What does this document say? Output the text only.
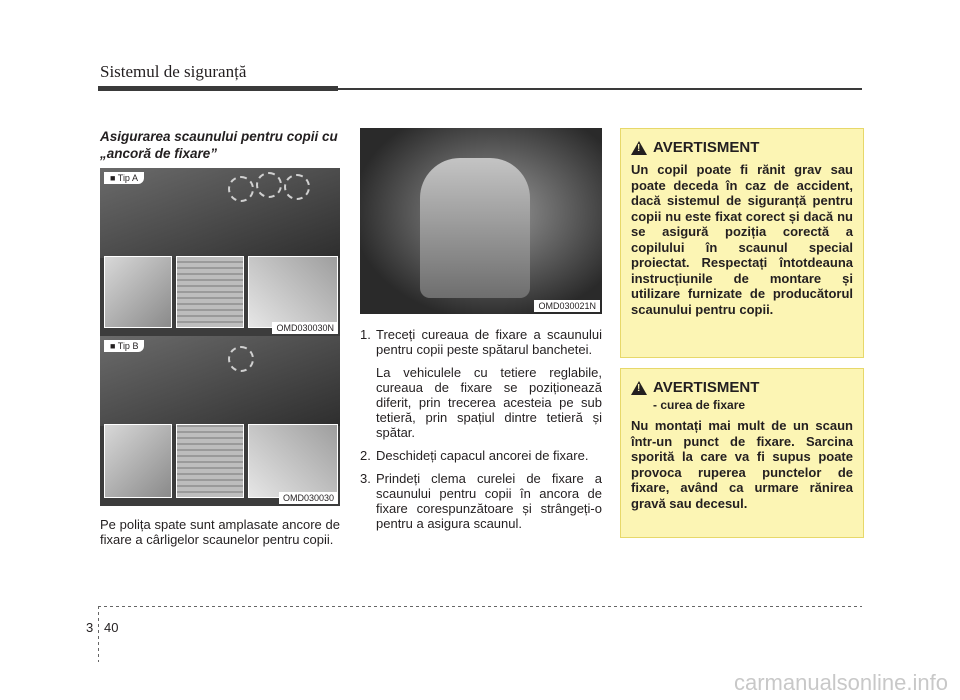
Sistemul de siguranță
Asigurarea scaunului pentru copii cu „ancoră de fixare”
■ Tip A
OMD030030N
■ Tip B
OMD030030
Pe polița spate sunt amplasate ancore de fixare a cârligelor scaunelor pentru copii.
OMD030021N
1. Treceți cureaua de fixare a scaunului pentru copii peste spătarul banchetei.
La vehiculele cu tetiere reglabile, cureaua de fixare se poziționează diferit, prin trecerea acesteia pe sub tetieră, prin spațiul dintre tetieră și spătar.
2. Deschideți capacul ancorei de fixare.
3. Prindeți clema curelei de fixare a scaunului pentru copii în ancora de fixare corespunzătoare și strângeți-o pentru a asigura scaunul.
!
AVERTISMENT
Un copil poate fi rănit grav sau poate deceda în caz de accident, dacă sistemul de siguranță pentru copii nu este fixat corect și dacă nu se asigură poziția corectă a copilului în scaunul special proiectat. Respectați întotdeauna instrucțiunile de montare și utilizare furnizate de producătorul scaunului pentru copii.
!
AVERTISMENT
- curea de fixare
Nu montați mai mult de un scaun într-un punct de fixare. Sarcina sporită la care va fi supus poate provoca ruperea punctelor de fixare, având ca urmare rănirea gravă sau decesul.
3 40
carmanualsonline.info
